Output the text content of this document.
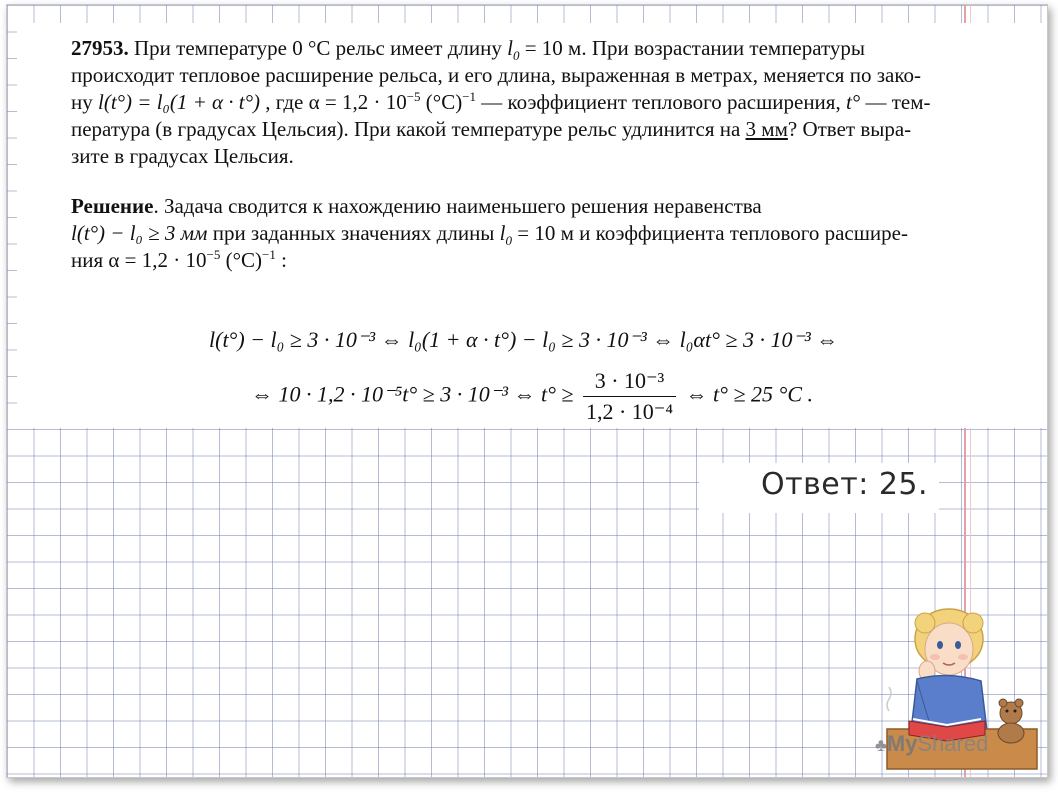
27953. При температуре 0 °C рельс имеет длину $l_0 = 10$ м. При возрастании температуры
происходит тепловое расширение рельса, и его длина, выраженная в метрах, меняется по зако-
ну l(t°) = l₀(1 + α · t°) , где $\alpha = 1,2 \cdot 10^{-5}$ $(^\circ C)^{-1}$ — коэффициент теплового расширения, t° — тем-
пература (в градусах Цельсия). При какой температуре рельс удлинится на 3 мм? Ответ выра-
зите в градусах Цельсия.
Решение. Задача сводится к нахождению наименьшего решения неравенства
l(t°) − l₀ ≥ 3 мм при заданных значениях длины $l_0 = 10$ м и коэффициента теплового расшире-
ния $\alpha = 1,2 \cdot 10^{-5}$ $(^\circ C)^{-1}$ :
l(t°) − l₀ ≥ 3 · 10⁻³ ⇔ l₀(1 + α · t°) − l₀ ≥ 3 · 10⁻³ ⇔ l₀αt° ≥ 3 · 10⁻³ ⇔
⇔ 10 · 1,2 · 10⁻⁵t° ≥ 3 · 10⁻³ ⇔ $t^\circ \ge \frac{\text{3 · 10⁻³}}{\text{1,2 · 10⁻⁴}}$ ⇔ t° ≥ 25 °C .
Ответ: 25.
♣MyShared
